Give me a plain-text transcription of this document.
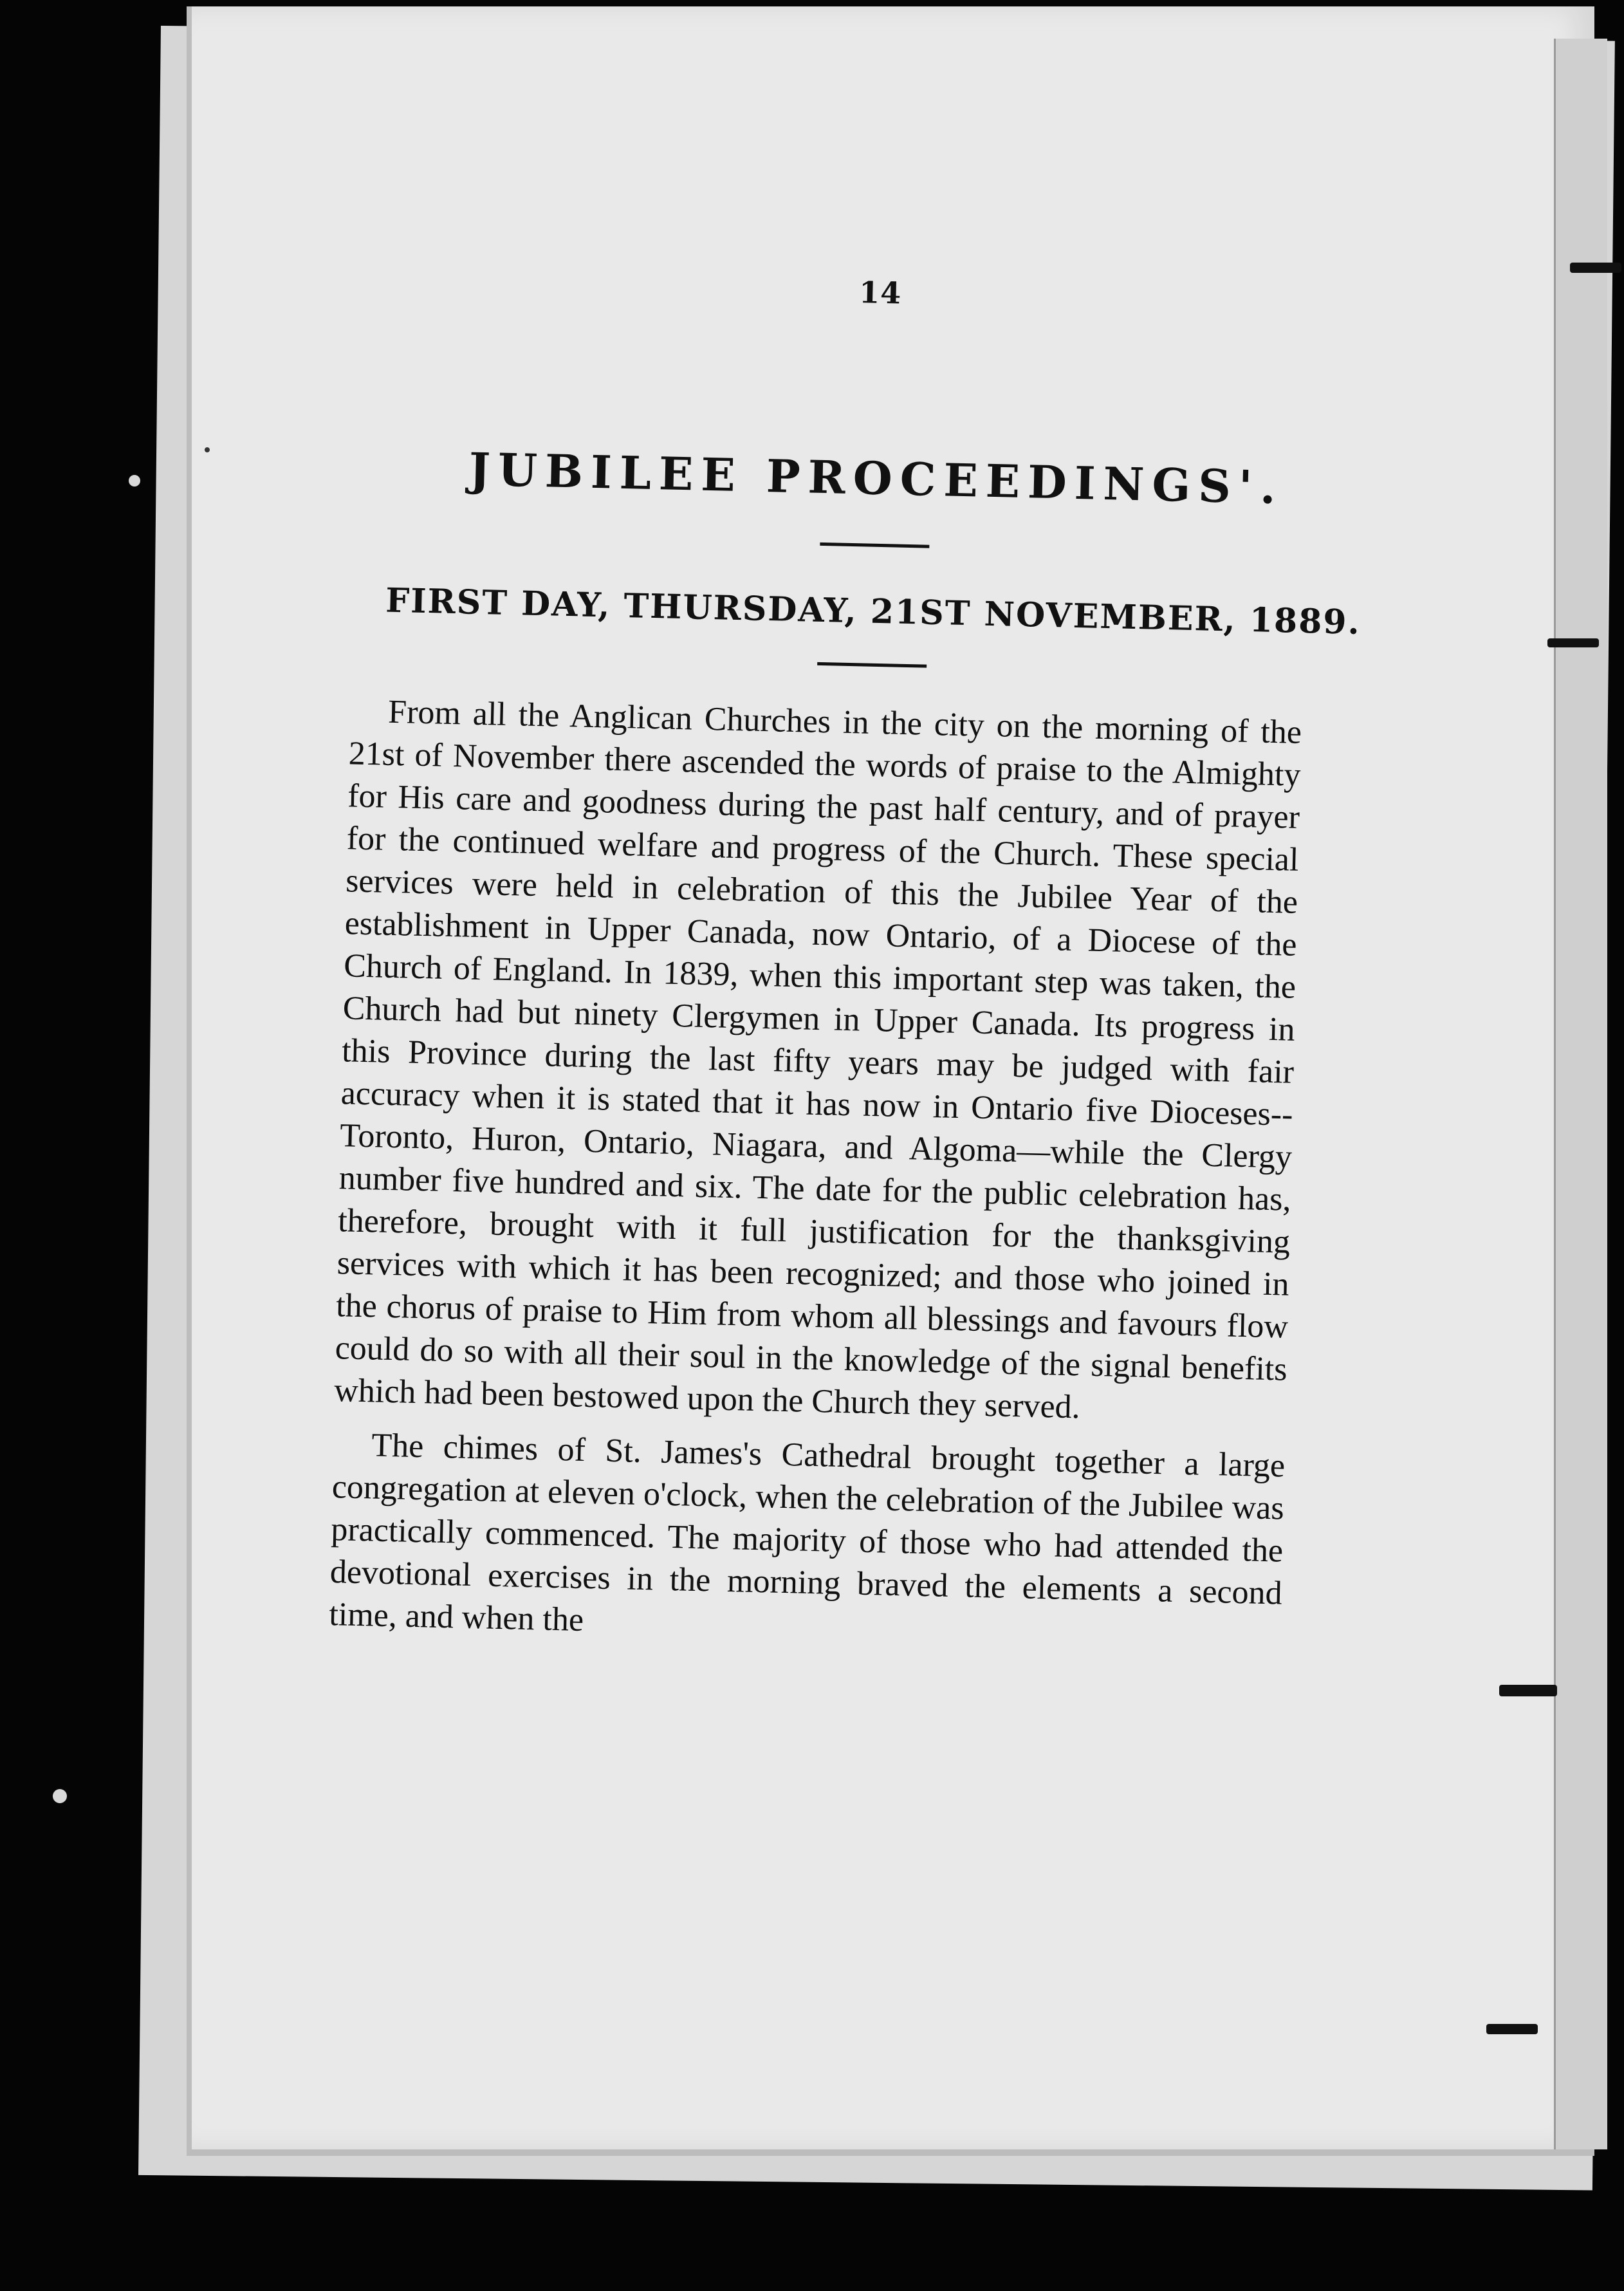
14
JUBILEE PROCEEDINGS'.
FIRST DAY, THURSDAY, 21ST NOVEMBER, 1889.

From all the Anglican Churches in the city on the morning of the 21st of November there ascended the words of praise to the Almighty for His care and goodness during the past half century, and of prayer for the continued welfare and progress of the Church. These special services were held in celebration of this the Jubilee Year of the establishment in Upper Canada, now Ontario, of a Diocese of the Church of England. In 1839, when this important step was taken, the Church had but ninety Clergymen in Upper Canada. Its progress in this Province during the last fifty years may be judged with fair accuracy when it is stated that it has now in Ontario five Dioceses--Toronto, Huron, Ontario, Niagara, and Algoma—while the Clergy number five hundred and six. The date for the public celebration has, therefore, brought with it full justification for the thanksgiving services with which it has been recognized; and those who joined in the chorus of praise to Him from whom all blessings and favours flow could do so with all their soul in the knowledge of the signal benefits which had been bestowed upon the Church they served.

The chimes of St. James's Cathedral brought together a large congregation at eleven o'clock, when the celebration of the Jubilee was practically commenced. The majority of those who had attended the devotional exercises in the morning braved the elements a second time, and when the
